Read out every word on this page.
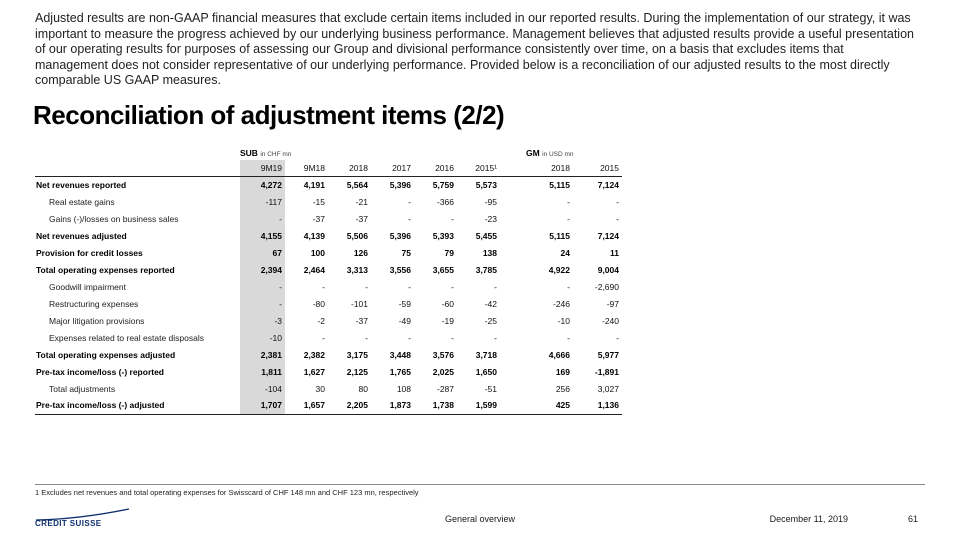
Adjusted results are non-GAAP financial measures that exclude certain items included in our reported results. During the implementation of our strategy, it was important to measure the progress achieved by our underlying business performance. Management believes that adjusted results provide a useful presentation of our operating results for purposes of assessing our Group and divisional performance consistently over time, on a basis that excludes items that management does not consider representative of our underlying performance. Provided below is a reconciliation of our adjusted results to the most directly comparable US GAAP measures.

Reconciliation of adjustment items (2/2)
	SUB in CHF mn							GM in USD mn	
	9M19	9M18	2018	2017	2016	2015¹		2018	2015
Net revenues reported	4,272	4,191	5,564	5,396	5,759	5,573		5,115	7,124
Real estate gains	-117	-15	-21	-	-366	-95		-	-
Gains (-)/losses on business sales	-	-37	-37	-	-	-23		-	-
Net revenues adjusted	4,155	4,139	5,506	5,396	5,393	5,455		5,115	7,124
Provision for credit losses	67	100	126	75	79	138		24	11
Total operating expenses reported	2,394	2,464	3,313	3,556	3,655	3,785		4,922	9,004
Goodwill impairment	-	-	-	-	-	-		-	-2,690
Restructuring expenses	-	-80	-101	-59	-60	-42		-246	-97
Major litigation provisions	-3	-2	-37	-49	-19	-25		-10	-240
Expenses related to real estate disposals	-10	-	-	-	-	-		-	-
Total operating expenses adjusted	2,381	2,382	3,175	3,448	3,576	3,718		4,666	5,977
Pre-tax income/loss (-) reported	1,811	1,627	2,125	1,765	2,025	1,650		169	-1,891
Total adjustments	-104	30	80	108	-287	-51		256	3,027
Pre-tax income/loss (-) adjusted	1,707	1,657	2,205	1,873	1,738	1,599		425	1,136

1 Excludes net revenues and total operating expenses for Swisscard of CHF 148 mn and CHF 123 mn, respectively

CREDIT SUISSE	General overview	December 11, 2019	61
